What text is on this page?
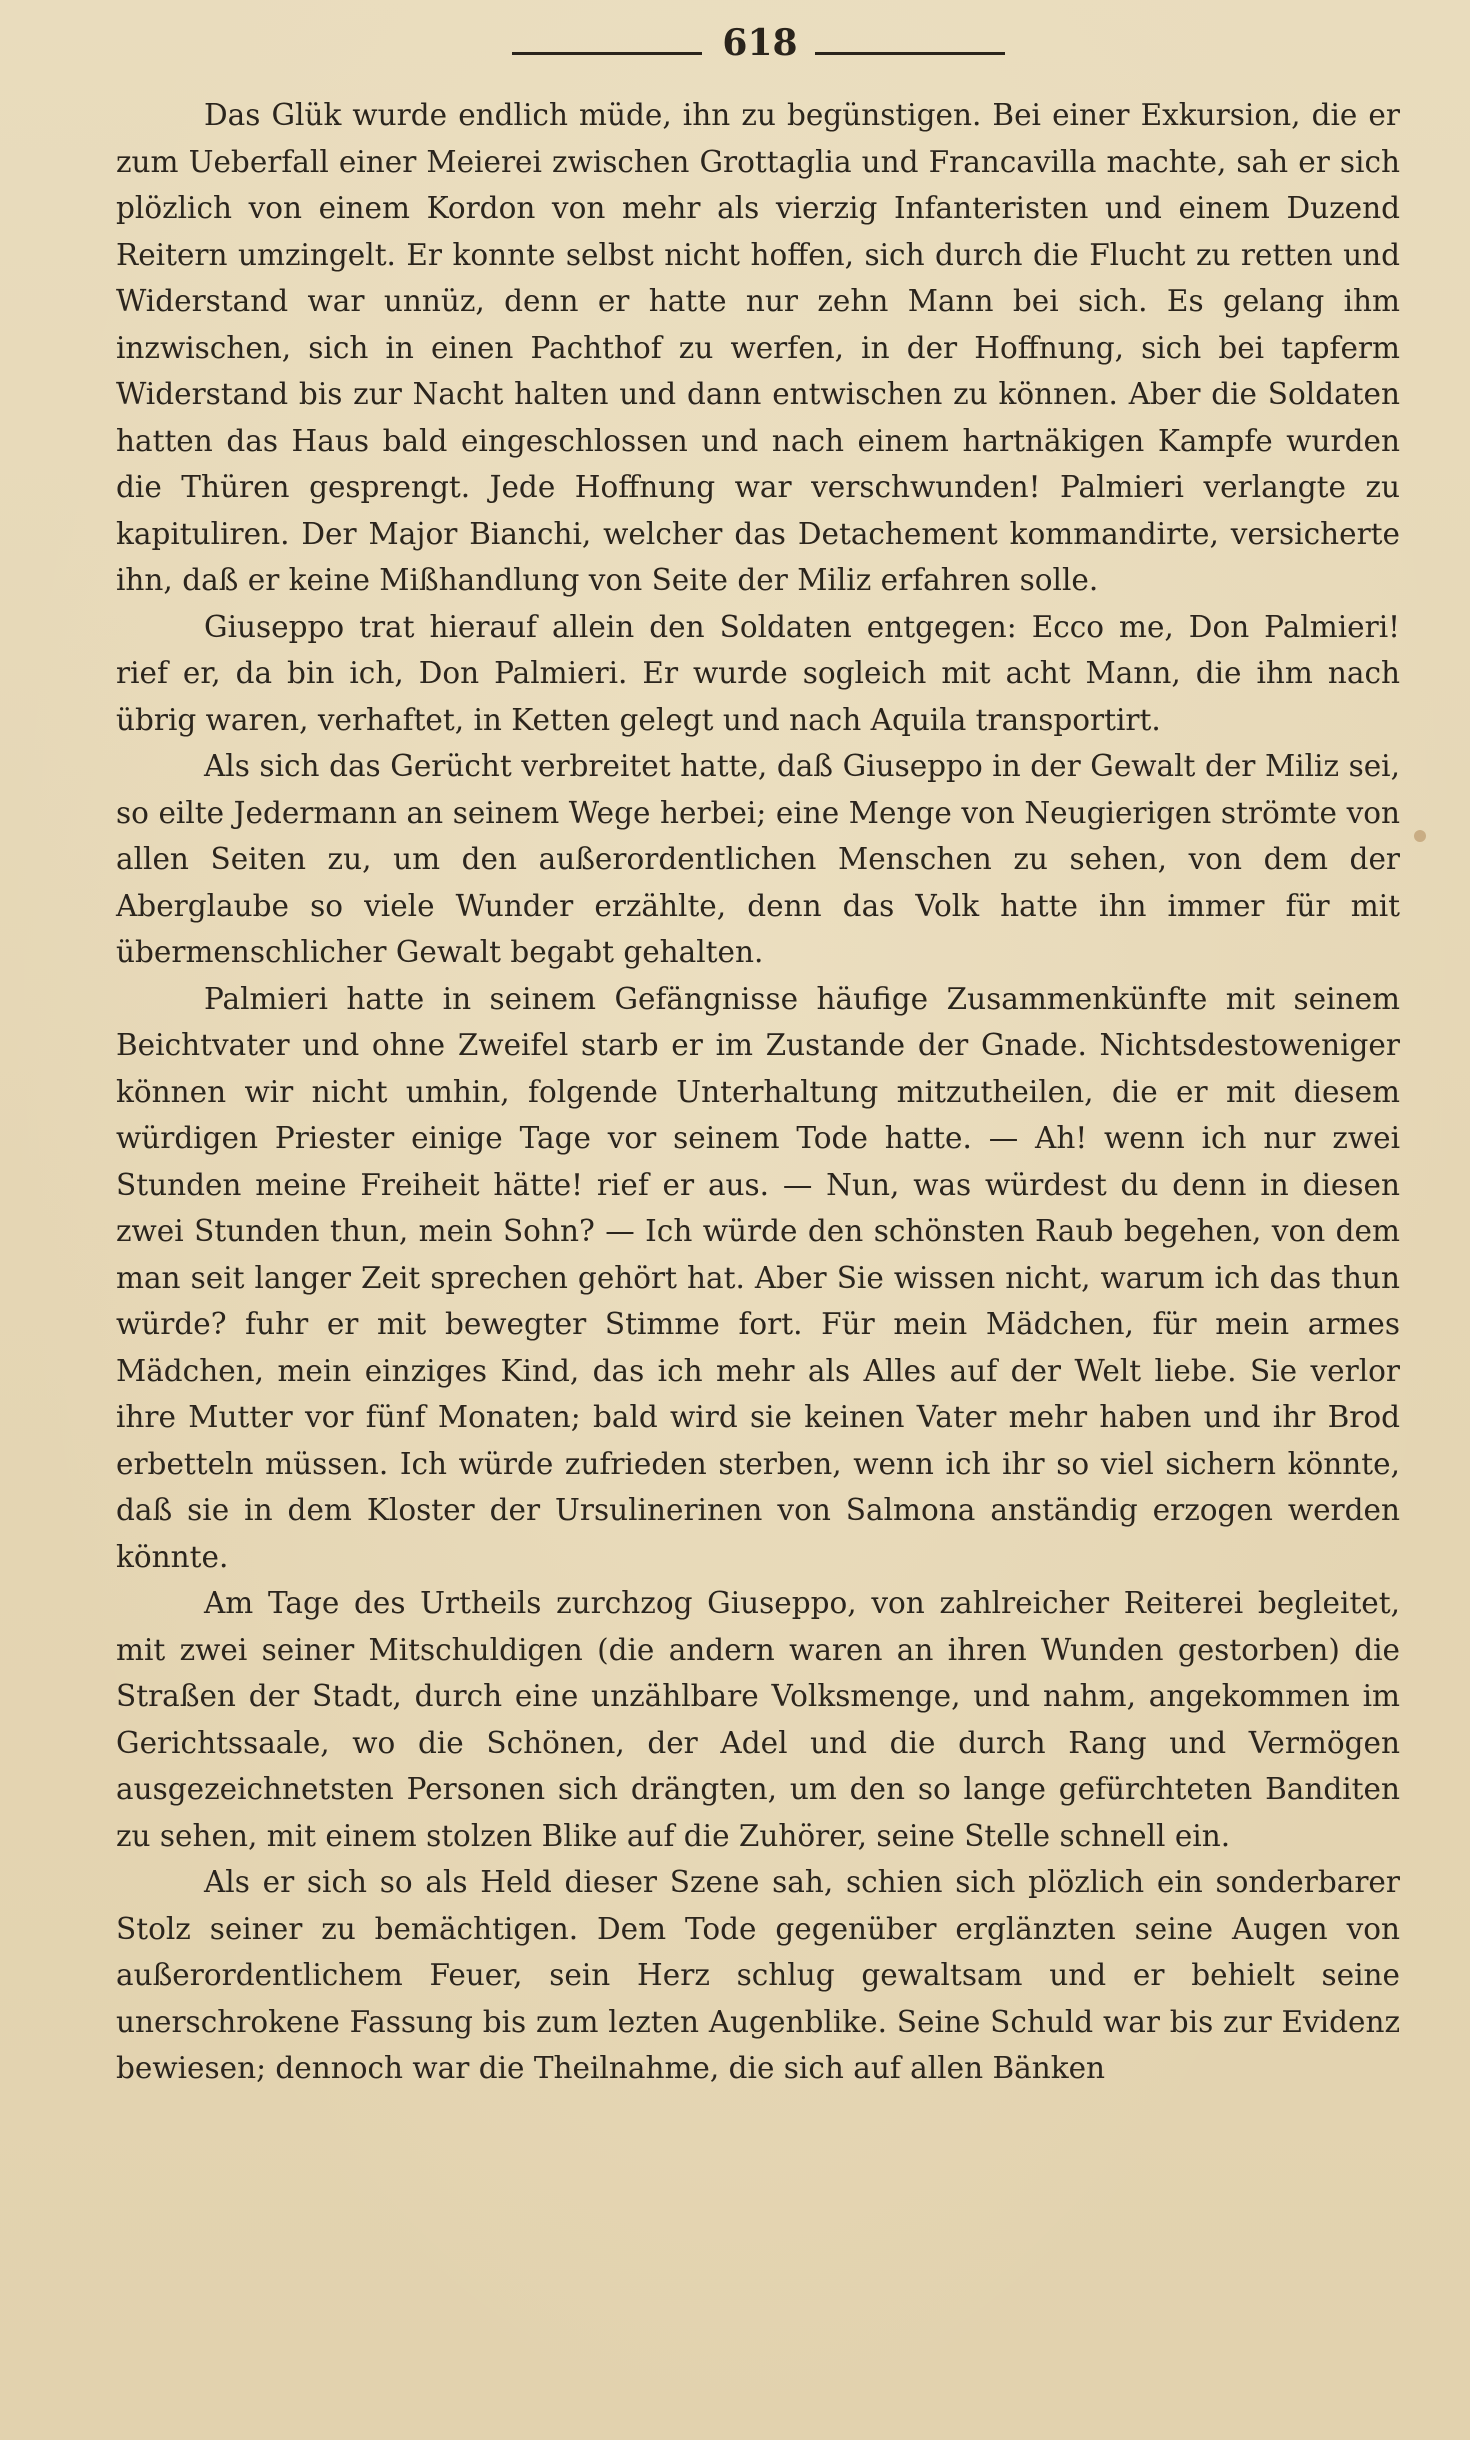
618

Das Glük wurde endlich müde, ihn zu begünstigen. Bei einer Exkursion, die er zum Ueberfall einer Meierei zwischen Grottaglia und Francavilla machte, sah er sich plözlich von einem Kordon von mehr als vierzig Infanteristen und einem Duzend Reitern umzingelt. Er konnte selbst nicht hoffen, sich durch die Flucht zu retten und Widerstand war unnüz, denn er hatte nur zehn Mann bei sich. Es gelang ihm inzwischen, sich in einen Pachthof zu werfen, in der Hoffnung, sich bei tapferm Widerstand bis zur Nacht halten und dann entwischen zu können. Aber die Soldaten hatten das Haus bald eingeschlossen und nach einem hartnäkigen Kampfe wurden die Thüren gesprengt. Jede Hoffnung war verschwunden! Palmieri verlangte zu kapituliren. Der Major Bianchi, welcher das Detachement kommandirte, versicherte ihn, daß er keine Mißhandlung von Seite der Miliz erfahren solle.

Giuseppo trat hierauf allein den Soldaten entgegen: Ecco me, Don Palmieri! rief er, da bin ich, Don Palmieri. Er wurde sogleich mit acht Mann, die ihm nach übrig waren, verhaftet, in Ketten gelegt und nach Aquila transportirt.

Als sich das Gerücht verbreitet hatte, daß Giuseppo in der Gewalt der Miliz sei, so eilte Jedermann an seinem Wege herbei; eine Menge von Neugierigen strömte von allen Seiten zu, um den außerordentlichen Menschen zu sehen, von dem der Aberglaube so viele Wunder erzählte, denn das Volk hatte ihn immer für mit übermenschlicher Gewalt begabt gehalten.

Palmieri hatte in seinem Gefängnisse häufige Zusammenkünfte mit seinem Beichtvater und ohne Zweifel starb er im Zustande der Gnade. Nichtsdestoweniger können wir nicht umhin, folgende Unterhaltung mitzutheilen, die er mit diesem würdigen Priester einige Tage vor seinem Tode hatte. — Ah! wenn ich nur zwei Stunden meine Freiheit hätte! rief er aus. — Nun, was würdest du denn in diesen zwei Stunden thun, mein Sohn? — Ich würde den schönsten Raub begehen, von dem man seit langer Zeit sprechen gehört hat. Aber Sie wissen nicht, warum ich das thun würde? fuhr er mit bewegter Stimme fort. Für mein Mädchen, für mein armes Mädchen, mein einziges Kind, das ich mehr als Alles auf der Welt liebe. Sie verlor ihre Mutter vor fünf Monaten; bald wird sie keinen Vater mehr haben und ihr Brod erbetteln müssen. Ich würde zufrieden sterben, wenn ich ihr so viel sichern könnte, daß sie in dem Kloster der Ursulinerinen von Salmona anständig erzogen werden könnte.

Am Tage des Urtheils zurchzog Giuseppo, von zahlreicher Reiterei begleitet, mit zwei seiner Mitschuldigen (die andern waren an ihren Wunden gestorben) die Straßen der Stadt, durch eine unzählbare Volksmenge, und nahm, angekommen im Gerichtssaale, wo die Schönen, der Adel und die durch Rang und Vermögen ausgezeichnetsten Personen sich drängten, um den so lange gefürchteten Banditen zu sehen, mit einem stolzen Blike auf die Zuhörer, seine Stelle schnell ein.

Als er sich so als Held dieser Szene sah, schien sich plözlich ein sonderbarer Stolz seiner zu bemächtigen. Dem Tode gegenüber erglänzten seine Augen von außerordentlichem Feuer, sein Herz schlug gewaltsam und er behielt seine unerschrokene Fassung bis zum lezten Augenblike. Seine Schuld war bis zur Evidenz bewiesen; dennoch war die Theilnahme, die sich auf allen Bänken
